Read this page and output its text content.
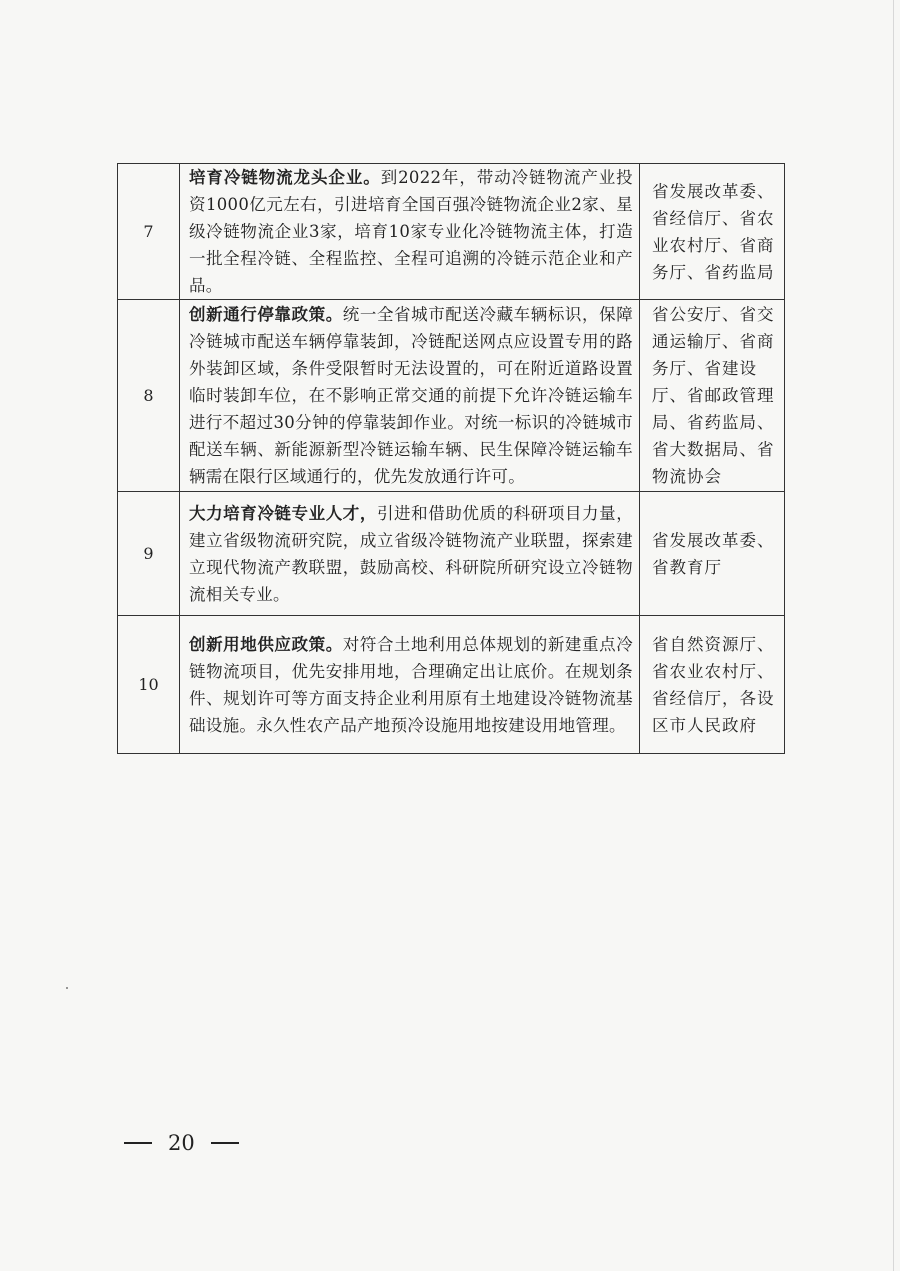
7	培育冷链物流龙头企业。到2022年，带动冷链物流产业投资1000亿元左右，引进培育全国百强冷链物流企业2家、星级冷链物流企业3家，培育10家专业化冷链物流主体，打造一批全程冷链、全程监控、全程可追溯的冷链示范企业和产品。	省发展改革委、省经信厅、省农业农村厅、省商务厅、省药监局
8	创新通行停靠政策。统一全省城市配送冷藏车辆标识，保障冷链城市配送车辆停靠装卸，冷链配送网点应设置专用的路外装卸区域，条件受限暂时无法设置的，可在附近道路设置临时装卸车位，在不影响正常交通的前提下允许冷链运输车进行不超过30分钟的停靠装卸作业。对统一标识的冷链城市配送车辆、新能源新型冷链运输车辆、民生保障冷链运输车辆需在限行区域通行的，优先发放通行许可。	省公安厅、省交通运输厅、省商务厅、省建设厅、省邮政管理局、省药监局、省大数据局、省物流协会
9	大力培育冷链专业人才，引进和借助优质的科研项目力量，建立省级物流研究院，成立省级冷链物流产业联盟，探索建立现代物流产教联盟，鼓励高校、科研院所研究设立冷链物流相关专业。	省发展改革委、省教育厅
10	创新用地供应政策。对符合土地利用总体规划的新建重点冷链物流项目，优先安排用地，合理确定出让底价。在规划条件、规划许可等方面支持企业利用原有土地建设冷链物流基础设施。永久性农产品产地预冷设施用地按建设用地管理。	省自然资源厅、省农业农村厅、省经信厅，各设区市人民政府
20
